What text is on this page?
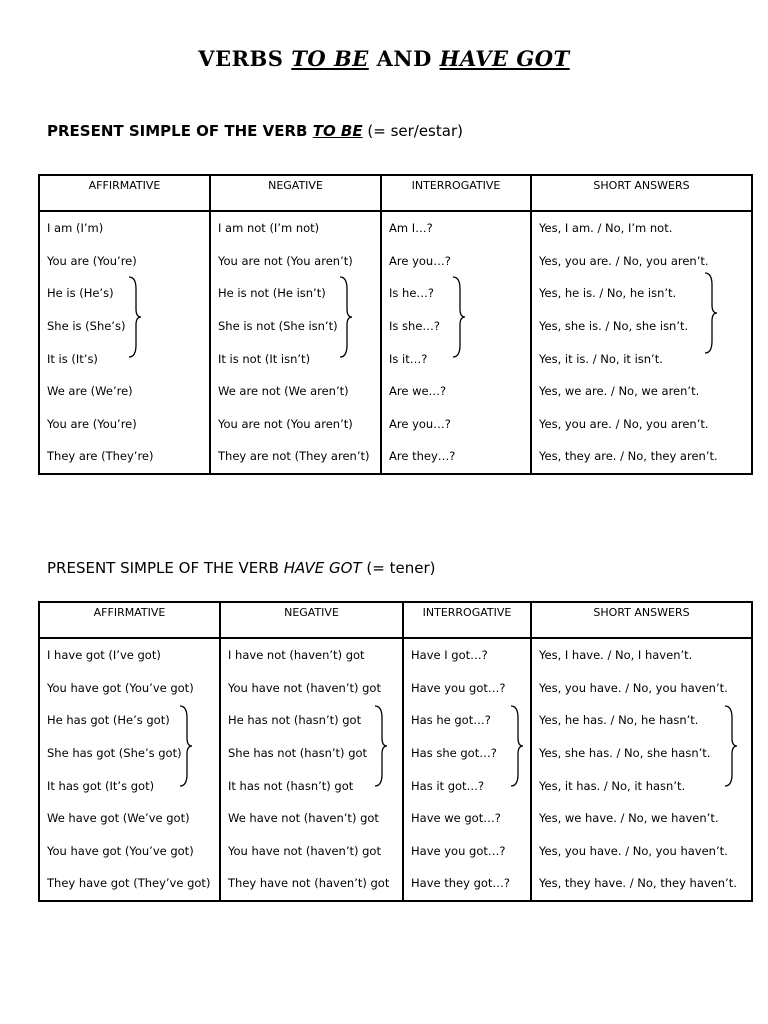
VERBS TO BE AND HAVE GOT
PRESENT SIMPLE OF THE VERB TO BE (= ser/estar)
AFFIRMATIVE	NEGATIVE	INTERROGATIVE	SHORT ANSWERS
I am (I’m)	I am not (I’m not)	Am I…?	Yes, I am. / No, I’m not.
You are (You’re)	You are not (You aren’t)	Are you…?	Yes, you are. / No, you aren’t.
He is (He’s)	He is not (He isn’t)	Is he…?	Yes, he is. / No, he isn’t.
She is (She’s)	She is not (She isn’t)	Is she…?	Yes, she is. / No, she isn’t.
It is (It’s)	It is not (It isn’t)	Is it…?	Yes, it is. / No, it isn’t.
We are (We’re)	We are not (We aren’t)	Are we…?	Yes, we are. / No, we aren’t.
You are (You’re)	You are not (You aren’t)	Are you…?	Yes, you are. / No, you aren’t.
They are (They’re)	They are not (They aren’t)	Are they…?	Yes, they are. / No, they aren’t.
PRESENT SIMPLE OF THE VERB HAVE GOT (= tener)
AFFIRMATIVE	NEGATIVE	INTERROGATIVE	SHORT ANSWERS
I have got (I’ve got)	I have not (haven’t) got	Have I got…?	Yes, I have. / No, I haven’t.
You have got (You’ve got)	You have not (haven’t) got	Have you got…?	Yes, you have. / No, you haven’t.
He has got (He’s got)	He has not (hasn’t) got	Has he got…?	Yes, he has. / No, he hasn’t.
She has got (She’s got)	She has not (hasn’t) got	Has she got…?	Yes, she has. / No, she hasn’t.
It has got (It’s got)	It has not (hasn’t) got	Has it got…?	Yes, it has. / No, it hasn’t.
We have got (We’ve got)	We have not (haven’t) got	Have we got…?	Yes, we have. / No, we haven’t.
You have got (You’ve got)	You have not (haven’t) got	Have you got…?	Yes, you have. / No, you haven’t.
They have got (They’ve got)	They have not (haven’t) got	Have they got…?	Yes, they have. / No, they haven’t.
